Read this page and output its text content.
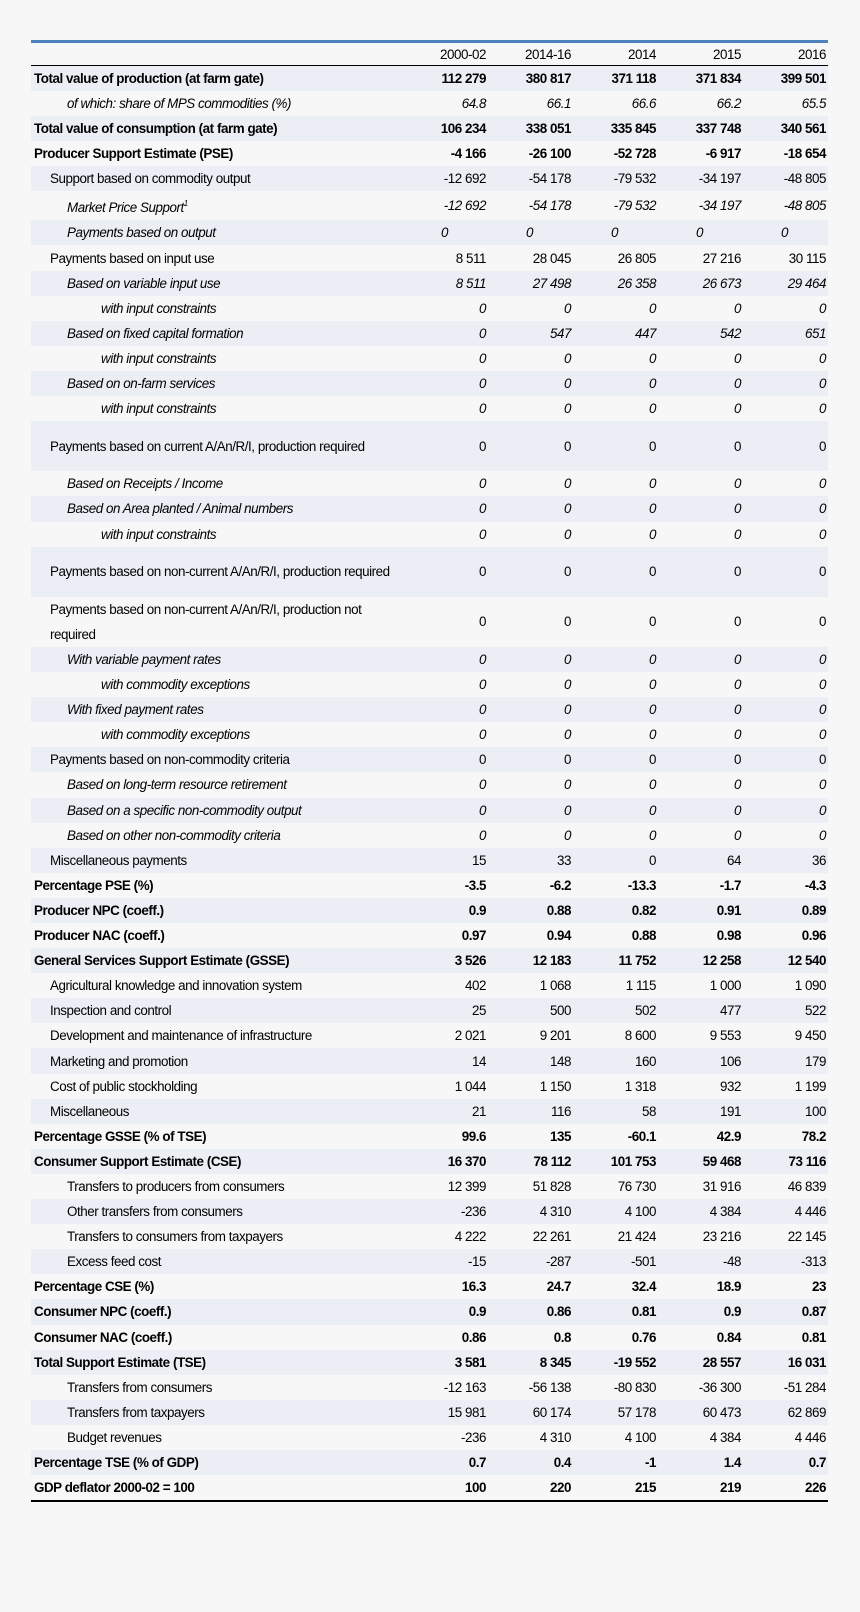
	2000-02	2014-16	2014	2015	2016
Total value of production (at farm gate)	112 279	380 817	371 118	371 834	399 501
of which: share of MPS commodities (%)	64.8	66.1	66.6	66.2	65.5
Total value of consumption (at farm gate)	106 234	338 051	335 845	337 748	340 561
Producer Support Estimate (PSE)	-4 166	-26 100	-52 728	-6 917	-18 654
Support based on commodity output	-12 692	-54 178	-79 532	-34 197	-48 805
Market Price Support$^1$	-12 692	-54 178	-79 532	-34 197	-48 805
Payments based on output	0	0	0	0	0
Payments based on input use	8 511	28 045	26 805	27 216	30 115
Based on variable input use	8 511	27 498	26 358	26 673	29 464
with input constraints	0	0	0	0	0
Based on fixed capital formation	0	547	447	542	651
with input constraints	0	0	0	0	0
Based on on-farm services	0	0	0	0	0
with input constraints	0	0	0	0	0
Payments based on current A/An/R/I, production required	0	0	0	0	0
Based on Receipts / Income	0	0	0	0	0
Based on Area planted / Animal numbers	0	0	0	0	0
with input constraints	0	0	0	0	0
Payments based on non-current A/An/R/I, production required	0	0	0	0	0
Payments based on non-current A/An/R/I, production not required	0	0	0	0	0
With variable payment rates	0	0	0	0	0
with commodity exceptions	0	0	0	0	0
With fixed payment rates	0	0	0	0	0
with commodity exceptions	0	0	0	0	0
Payments based on non-commodity criteria	0	0	0	0	0
Based on long-term resource retirement	0	0	0	0	0
Based on a specific non-commodity output	0	0	0	0	0
Based on other non-commodity criteria	0	0	0	0	0
Miscellaneous payments	15	33	0	64	36
Percentage PSE (%)	-3.5	-6.2	-13.3	-1.7	-4.3
Producer NPC (coeff.)	0.9	0.88	0.82	0.91	0.89
Producer NAC (coeff.)	0.97	0.94	0.88	0.98	0.96
General Services Support Estimate (GSSE)	3 526	12 183	11 752	12 258	12 540
Agricultural knowledge and innovation system	402	1 068	1 115	1 000	1 090
Inspection and control	25	500	502	477	522
Development and maintenance of infrastructure	2 021	9 201	8 600	9 553	9 450
Marketing and promotion	14	148	160	106	179
Cost of public stockholding	1 044	1 150	1 318	932	1 199
Miscellaneous	21	116	58	191	100
Percentage GSSE (% of TSE)	99.6	135	-60.1	42.9	78.2
Consumer Support Estimate (CSE)	16 370	78 112	101 753	59 468	73 116
Transfers to producers from consumers	12 399	51 828	76 730	31 916	46 839
Other transfers from consumers	-236	4 310	4 100	4 384	4 446
Transfers to consumers from taxpayers	4 222	22 261	21 424	23 216	22 145
Excess feed cost	-15	-287	-501	-48	-313
Percentage CSE (%)	16.3	24.7	32.4	18.9	23
Consumer NPC (coeff.)	0.9	0.86	0.81	0.9	0.87
Consumer NAC (coeff.)	0.86	0.8	0.76	0.84	0.81
Total Support Estimate (TSE)	3 581	8 345	-19 552	28 557	16 031
Transfers from consumers	-12 163	-56 138	-80 830	-36 300	-51 284
Transfers from taxpayers	15 981	60 174	57 178	60 473	62 869
Budget revenues	-236	4 310	4 100	4 384	4 446
Percentage TSE (% of GDP)	0.7	0.4	-1	1.4	0.7
GDP deflator 2000-02 = 100	100	220	215	219	226
